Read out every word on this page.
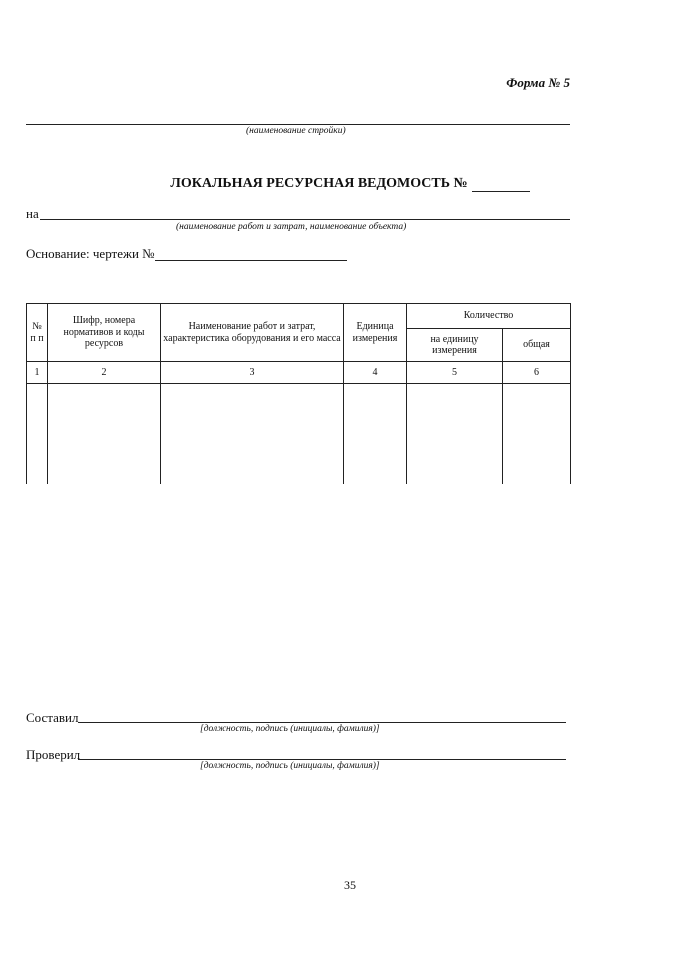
Форма № 5
(наименование стройки)
ЛОКАЛЬНАЯ РЕСУРСНАЯ ВЕДОМОСТЬ №
на
(наименование работ и затрат, наименование объекта)
Основание: чертежи №
№ п п	Шифр, номера нормативов и коды ресурсов	Наименование работ и затрат, характеристика оборудования и его масса	Единица измерения	Количество	
				на единицу измерения	общая
1	2	3	4	5	6

Составил
[должность, подпись (инициалы, фамилия)]
Проверил
[должность, подпись (инициалы, фамилия)]
35
